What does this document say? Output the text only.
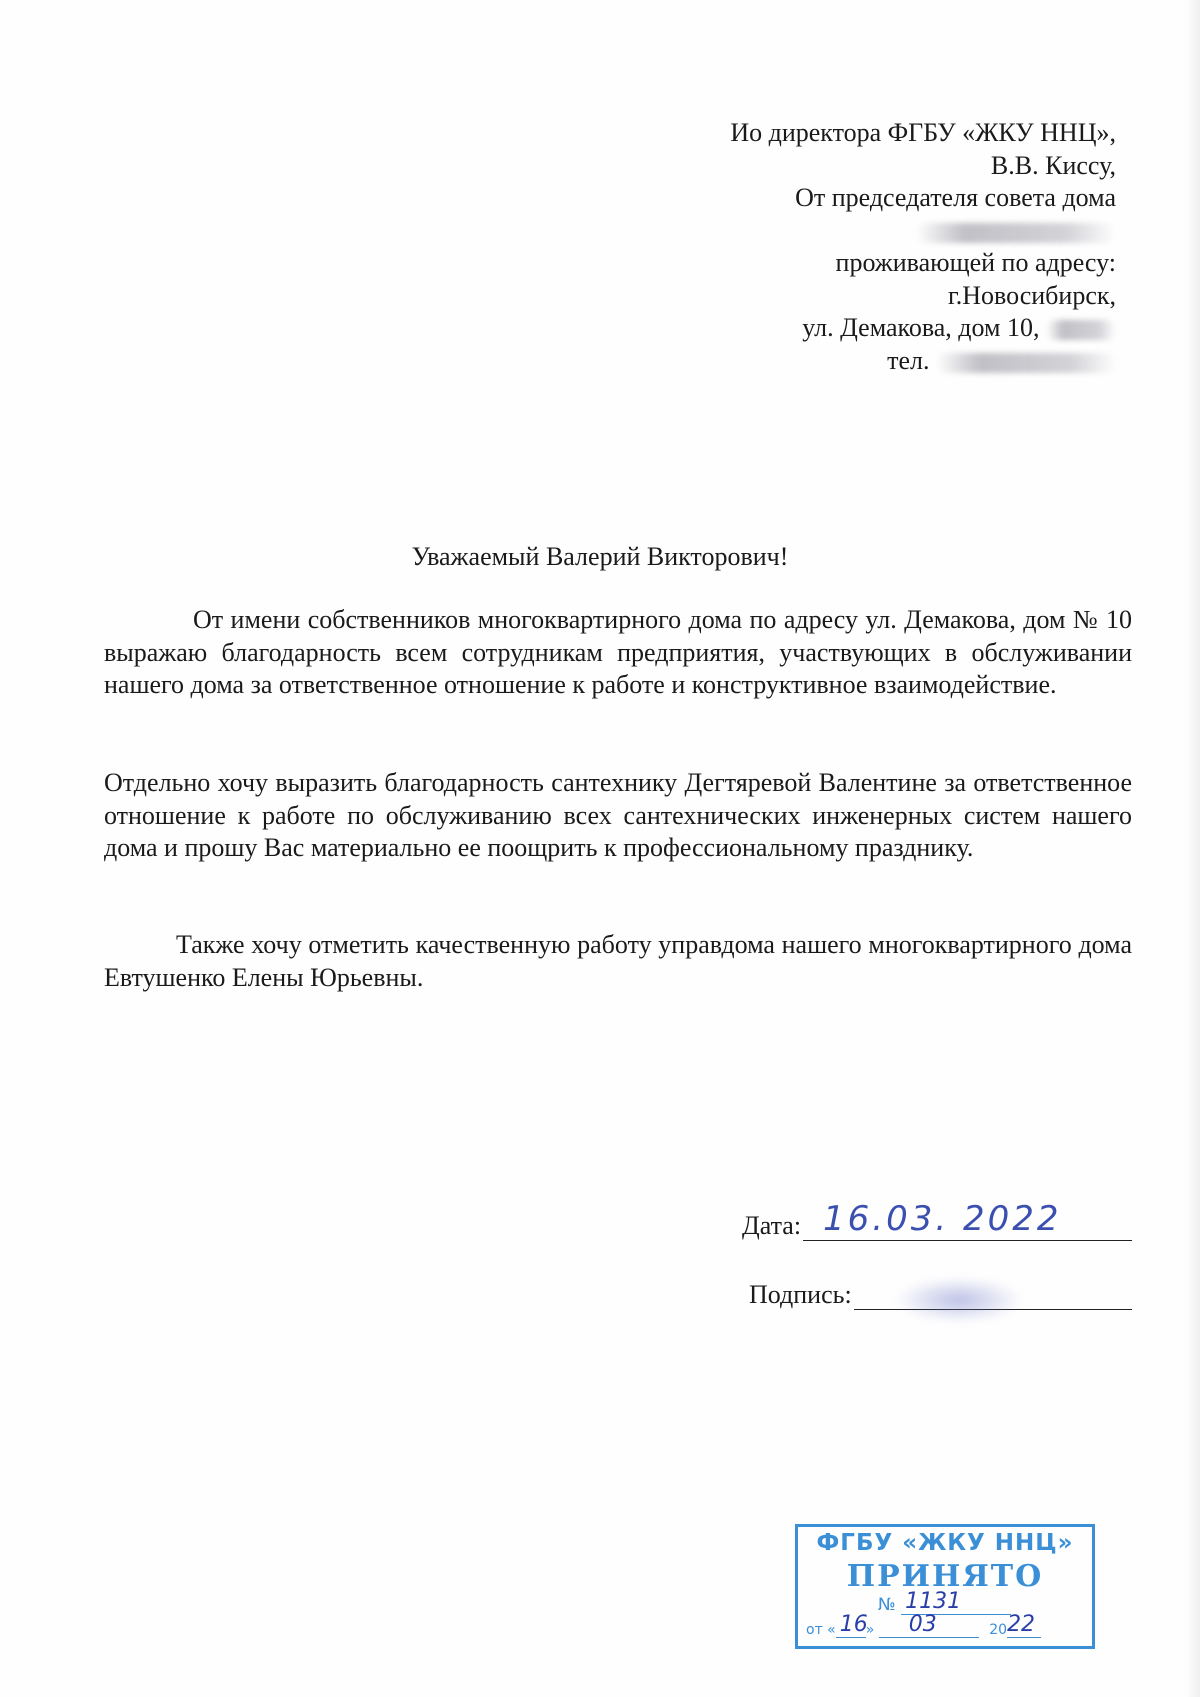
Ио директора ФГБУ «ЖКУ ННЦ»,
В.В. Киссу,
От председателя совета дома
проживающей по адресу:
г.Новосибирск,
ул. Демакова, дом 10,
тел.
Уважаемый Валерий Викторович!

От имени собственников многоквартирного дома по адресу ул. Демакова, дом № 10 выражаю благодарность всем сотрудникам предприятия, участвующих в обслуживании нашего дома за ответственное отношение к работе и конструктивное взаимодействие.

Отдельно хочу выразить благодарность сантехнику Дегтяревой Валентине за ответственное отношение к работе по обслуживанию всех сантехнических инженерных систем нашего дома и прошу Вас материально ее поощрить к профессиональному празднику.

Также хочу отметить качественную работу управдома нашего многоквартирного дома Евтушенко Елены Юрьевны.

Дата: 16.03. 2022
Подпись:
ФГБУ «ЖКУ ННЦ»
ПРИНЯТО
№ 1131
от « 16
» 03	20 22
